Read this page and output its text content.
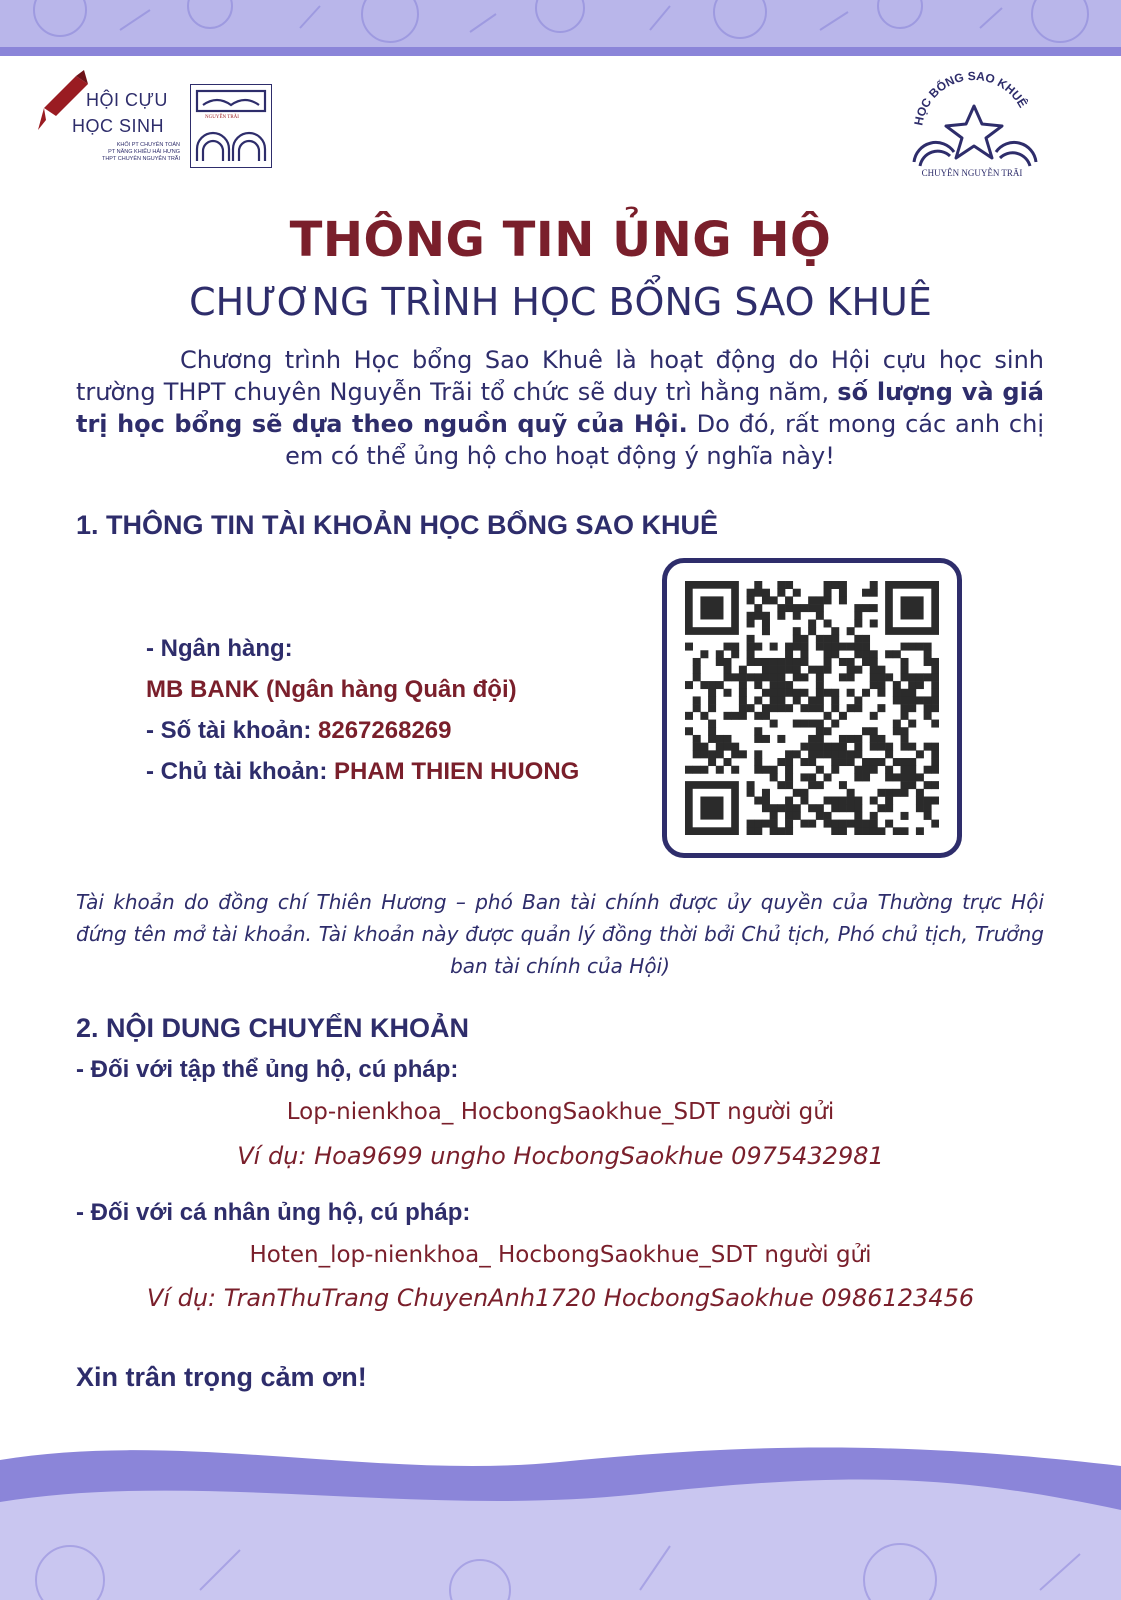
HỘI CỰU
HỌC SINH
KHỐI PT CHUYÊN TOÁN
PT NĂNG KHIẾU HẢI HƯNG
THPT CHUYÊN NGUYỄN TRÃI
NGUYỄN TRÃI	HỌC BỔNG SAO KHUÊ
CHUYÊN NGUYỄN TRÃI
THÔNG TIN ỦNG HỘ
CHƯƠNG TRÌNH HỌC BỔNG SAO KHUÊ
Chương trình Học bổng Sao Khuê là hoạt động do Hội cựu học sinh trường THPT chuyên Nguyễn Trãi tổ chức sẽ duy trì hằng năm, số lượng và giá trị học bổng sẽ dựa theo nguồn quỹ của Hội. Do đó, rất mong các anh chị em có thể ủng hộ cho hoạt động ý nghĩa này!
1. THÔNG TIN TÀI KHOẢN HỌC BỔNG SAO KHUÊ
- Ngân hàng:
MB BANK (Ngân hàng Quân đội)
- Số tài khoản: 8267268269
- Chủ tài khoản: PHAM THIEN HUONG
Tài khoản do đồng chí Thiên Hương – phó Ban tài chính được ủy quyền của Thường trực Hội đứng tên mở tài khoản. Tài khoản này được quản lý đồng thời bởi Chủ tịch, Phó chủ tịch, Trưởng ban tài chính của Hội)
2. NỘI DUNG CHUYỂN KHOẢN
- Đối với tập thể ủng hộ, cú pháp:
Lop-nienkhoa_ HocbongSaokhue_SDT người gửi
Ví dụ: Hoa9699 ungho HocbongSaokhue 0975432981
- Đối với cá nhân ủng hộ, cú pháp:
Hoten_lop-nienkhoa_ HocbongSaokhue_SDT người gửi
Ví dụ: TranThuTrang ChuyenAnh1720 HocbongSaokhue 0986123456
Xin trân trọng cảm ơn!
